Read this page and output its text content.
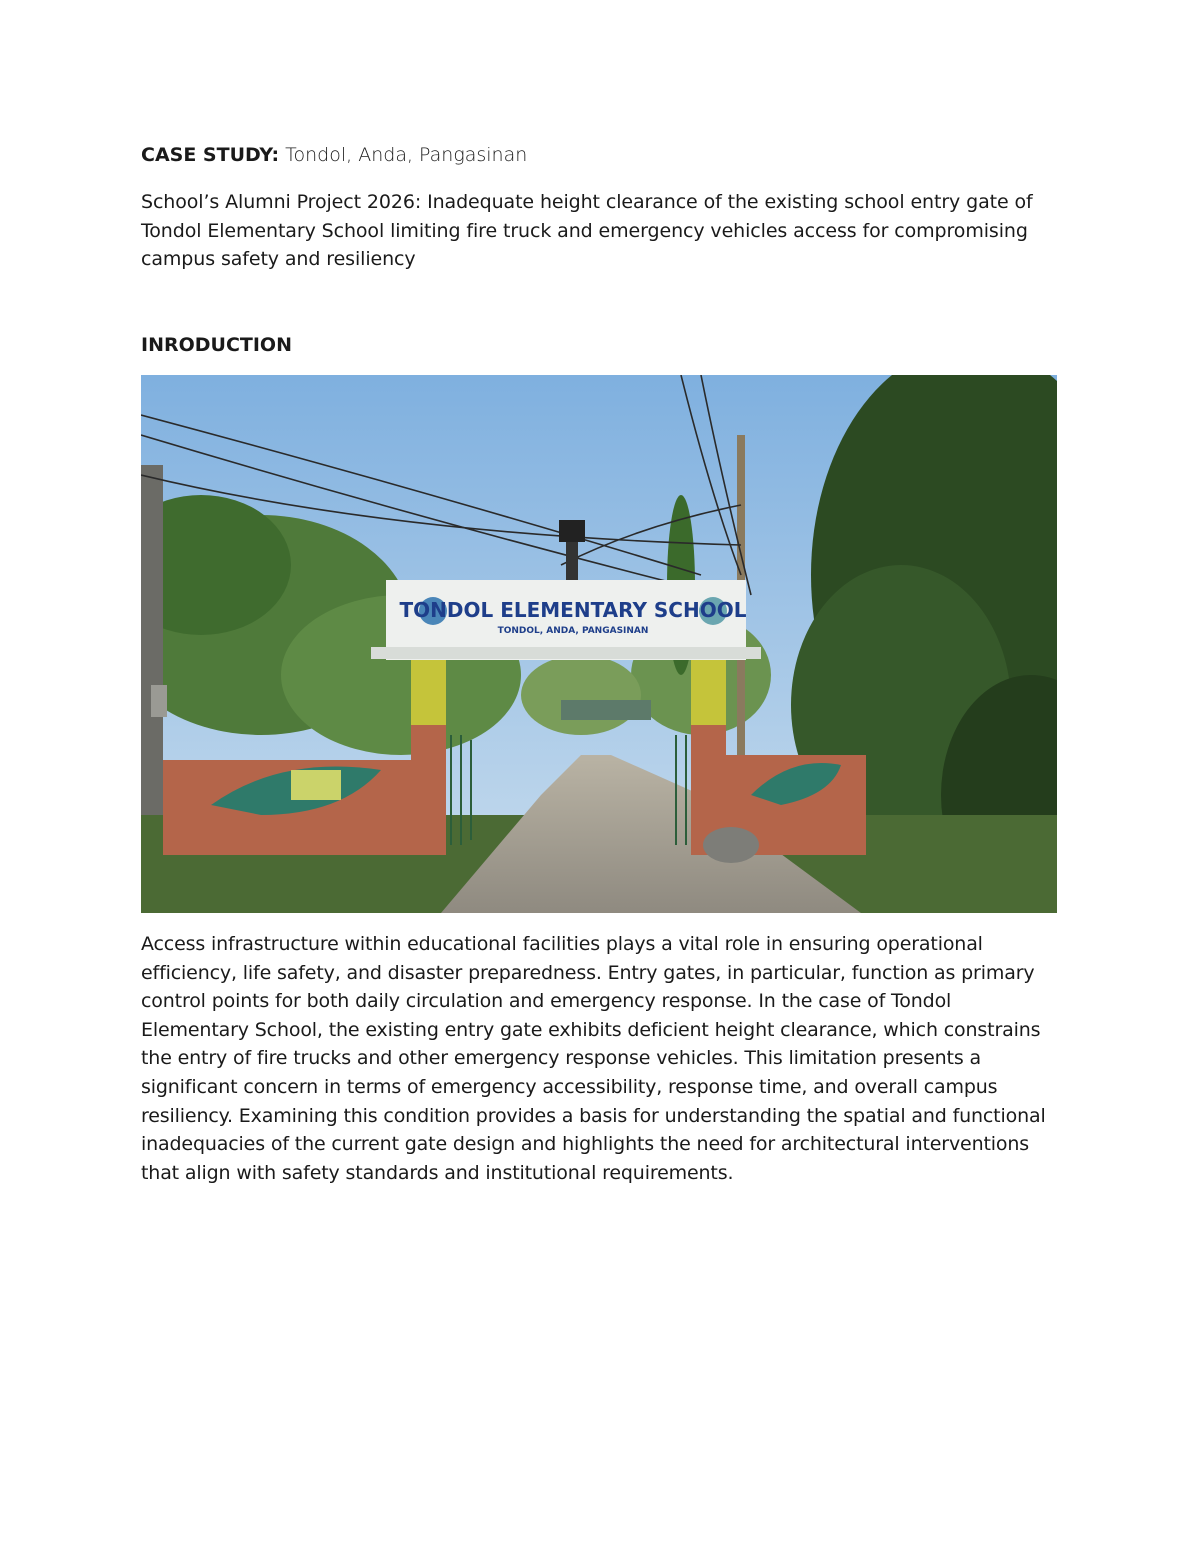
CASE STUDY: Tondol, Anda, Pangasinan

School’s Alumni Project 2026: Inadequate height clearance of the existing school entry gate of Tondol Elementary School limiting fire truck and emergency vehicles access for compromising campus safety and resiliency

INRODUCTION
TONDOL ELEMENTARY SCHOOL
TONDOL, ANDA, PANGASINAN

Access infrastructure within educational facilities plays a vital role in ensuring operational efficiency, life safety, and disaster preparedness. Entry gates, in particular, function as primary control points for both daily circulation and emergency response. In the case of Tondol Elementary School, the existing entry gate exhibits deficient height clearance, which constrains the entry of fire trucks and other emergency response vehicles. This limitation presents a significant concern in terms of emergency accessibility, response time, and overall campus resiliency. Examining this condition provides a basis for understanding the spatial and functional inadequacies of the current gate design and highlights the need for architectural interventions that align with safety standards and institutional requirements.
